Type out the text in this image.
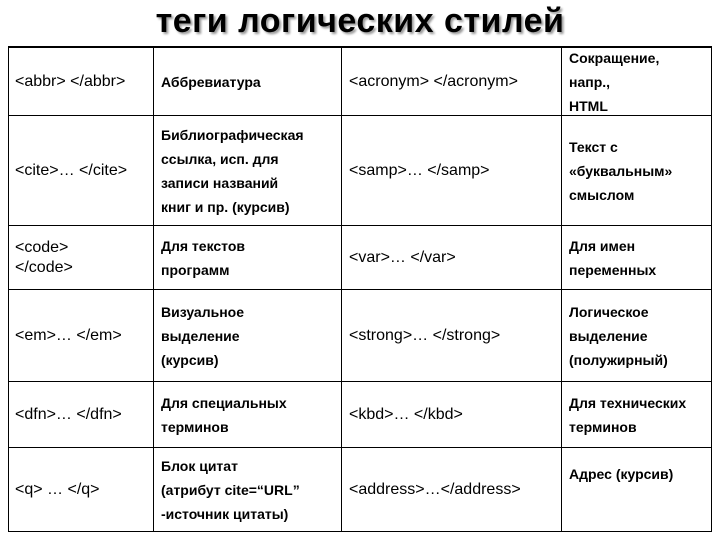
теги логических стилей
<abbr> </abbr>	Аббревиатура	<acronym> </acronym>
Сокращение,
напр.,
HTML
<cite>… </cite>
Библиографическая
ссылка, исп. для
записи названий
книг и пр. (курсив)
<samp>… </samp>
Текст с
«буквальным»
смыслом
<code>
</code>
Для текстов
программ
<var>… </var>
Для имен
переменных
<em>… </em>
Визуальное
выделение
(курсив)
<strong>… </strong>
Логическое
выделение
(полужирный)
<dfn>… </dfn>
Для специальных
терминов
<kbd>… </kbd>
Для технических
терминов
<q> … </q>
Блок цитат
(атрибут cite=“URL”
-источник цитаты)
<address>…</address>
Адрес (курсив)
